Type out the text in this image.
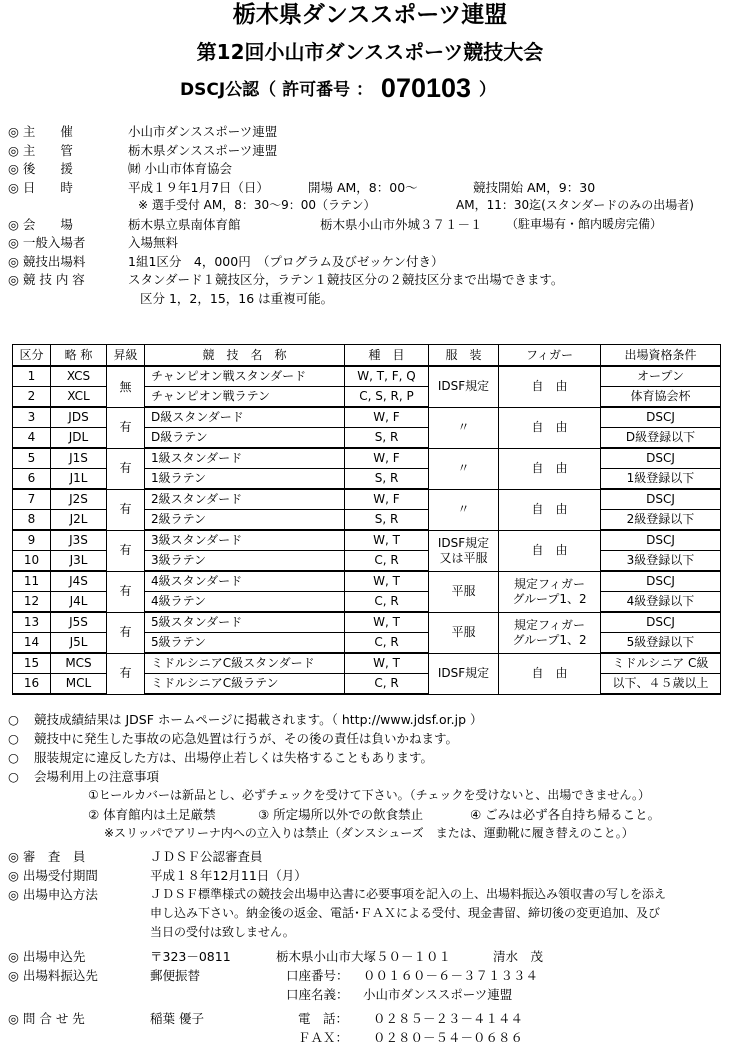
栃木県ダンススポーツ連盟
第12回小山市ダンススポーツ競技大会
DSCJ公認（ 許可番号 ： 070103 ）
◎ 主　　催	小山市ダンススポーツ連盟
◎ 主　　管	栃木県ダンススポーツ連盟
◎ 後　　援	㈶ 小山市体育協会
◎ 日　　時	平成１９年1月7日（日）	開場 AM，8：00～	競技開始 AM，9：30
※ 選手受付 AM，8：30～9：00（ラテン）	AM，11：30迄(スタンダードのみの出場者)
◎ 会　　場	栃木県立県南体育館	栃木県小山市外城３７１－１ （駐車場有・館内暖房完備）
◎ 一般入場者	入場無料
◎ 競技出場料	1組1区分　4，000円　（プログラム及びゼッケン付き）
◎ 競 技 内 容	スタンダード１競技区分，ラテン１競技区分の２競技区分まで出場できます。
区分 1，2，15，16 は重複可能。
区分	略 称	昇級	競　技　名　称	種　目	服　装	フィガー	出場資格条件
1	XCS	無	チャンピオン戦スタンダード	W, T, F, Q	IDSF規定	自　由	オープン
2	XCL		チャンピオン戦ラテン	C, S, R, P			体育協会杯
3	JDS	有	D級スタンダード	W, F	〃	自　由	DSCJ
4	JDL		D級ラテン	S, R			D級登録以下
5	J1S	有	1級スタンダード	W, F	〃	自　由	DSCJ
6	J1L		1級ラテン	S, R			1級登録以下
7	J2S	有	2級スタンダード	W, F	〃	自　由	DSCJ
8	J2L		2級ラテン	S, R			2級登録以下
9	J3S	有	3級スタンダード	W, T	IDSF規定
又は平服	自　由	DSCJ
10	J3L		3級ラテン	C, R			3級登録以下
11	J4S	有	4級スタンダード	W, T	平服	規定フィガー
グループ1、2	DSCJ
12	J4L		4級ラテン	C, R			4級登録以下
13	J5S	有	5級スタンダード	W, T	平服	規定フィガー
グループ1、2	DSCJ
14	J5L		5級ラテン	C, R			5級登録以下
15	MCS	有	ミドルシニアC級スタンダード	W, T	IDSF規定	自　由	ミドルシニア C級
16	MCL		ミドルシニアC級ラテン	C, R			以下、４５歳以上
○ 競技成績結果は JDSF ホームページに掲載されます。（ http://www.jdsf.or.jp ）
○ 競技中に発生した事故の応急処置は行うが、その後の責任は負いかねます。
○ 服装規定に違反した方は、出場停止若しくは失格することもあります。
○ 会場利用上の注意事項
①ヒールカバーは新品とし、必ずチェックを受けて下さい。（チェックを受けないと、出場できません。）
② 体育館内は土足厳禁	③ 所定場所以外での飲食禁止	④ ごみは必ず各自持ち帰ること。
※スリッパでアリーナ内への立入りは禁止（ダンスシューズ　または、運動靴に履き替えのこと。）
◎ 審　査　員	ＪＤＳＦ公認審査員
◎ 出場受付期間	平成１８年12月11日（月）
◎ 出場申込方法	ＪＤＳＦ標準様式の競技会出場申込書に必要事項を記入の上、出場料振込み領収書の写しを添え
申し込み下さい。納金後の返金、電話･ＦＡＸによる受付、現金書留、締切後の変更追加、及び
当日の受付は致しません。
◎ 出場申込先	〒323－0811	栃木県小山市大塚５０－１０１	清水　茂
◎ 出場料振込先	郵便振替	口座番号： ００１６０－６－３７１３３４
口座名義： 小山市ダンススポーツ連盟
◎ 問 合 せ 先	稲葉 優子	電　話： ０２８５－２３－４１４４
ＦＡＸ： ０２８０－５４－０６８６
